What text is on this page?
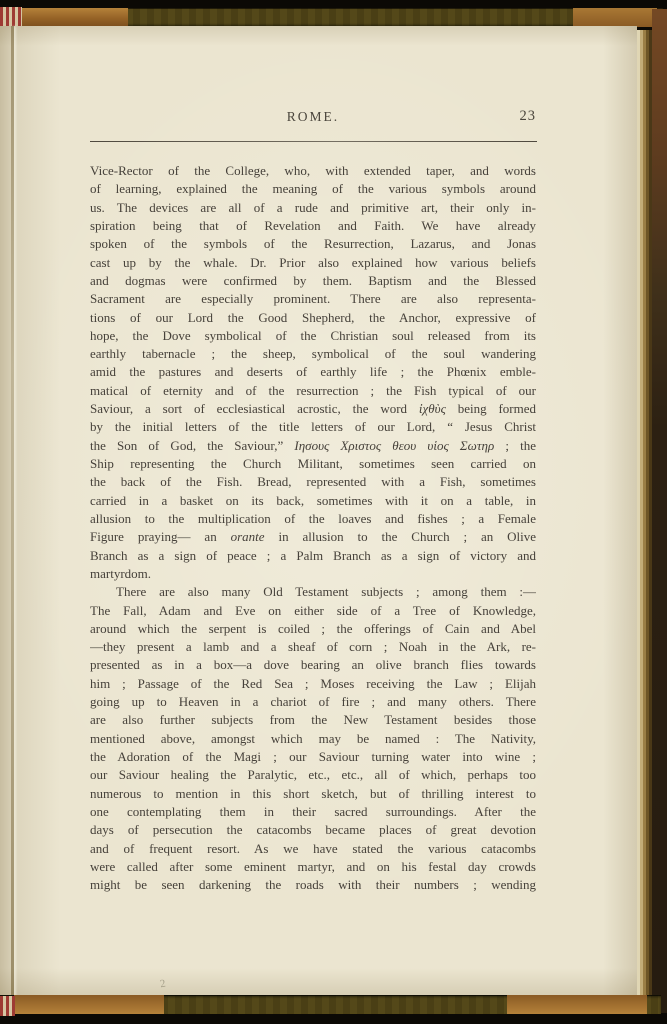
ROME.	23
Vice-Rector of the College, who, with extended taper, and words
of learning, explained the meaning of the various symbols around
us. The devices are all of a rude and primitive art, their only in-
spiration being that of Revelation and Faith. We have already
spoken of the symbols of the Resurrection, Lazarus, and Jonas
cast up by the whale. Dr. Prior also explained how various beliefs
and dogmas were confirmed by them. Baptism and the Blessed
Sacrament are especially prominent. There are also representa-
tions of our Lord the Good Shepherd, the Anchor, expressive of
hope, the Dove symbolical of the Christian soul released from its
earthly tabernacle ; the sheep, symbolical of the soul wandering
amid the pastures and deserts of earthly life ; the Phœnix emble-
matical of eternity and of the resurrection ; the Fish typical of our
Saviour, a sort of ecclesiastical acrostic, the word ἰχθὺς being formed
by the initial letters of the title letters of our Lord, “ Jesus Christ
the Son of God, the Saviour,” Ιησους Χριστος θεου υἱος Σωτηρ ; the
Ship representing the Church Militant, sometimes seen carried on
the back of the Fish. Bread, represented with a Fish, sometimes
carried in a basket on its back, sometimes with it on a table, in
allusion to the multiplication of the loaves and fishes ; a Female
Figure praying— an orante in allusion to the Church ; an Olive
Branch as a sign of peace ; a Palm Branch as a sign of victory and
martyrdom.
There are also many Old Testament subjects ; among them :—
The Fall, Adam and Eve on either side of a Tree of Knowledge,
around which the serpent is coiled ; the offerings of Cain and Abel
—they present a lamb and a sheaf of corn ; Noah in the Ark, re-
presented as in a box—a dove bearing an olive branch flies towards
him ; Passage of the Red Sea ; Moses receiving the Law ; Elijah
going up to Heaven in a chariot of fire ; and many others. There
are also further subjects from the New Testament besides those
mentioned above, amongst which may be named : The Nativity,
the Adoration of the Magi ; our Saviour turning water into wine ;
our Saviour healing the Paralytic, etc., etc., all of which, perhaps too
numerous to mention in this short sketch, but of thrilling interest to
one contemplating them in their sacred surroundings. After the
days of persecution the catacombs became places of great devotion
and of frequent resort. As we have stated the various catacombs
were called after some eminent martyr, and on his festal day crowds
might be seen darkening the roads with their numbers ; wending
2
